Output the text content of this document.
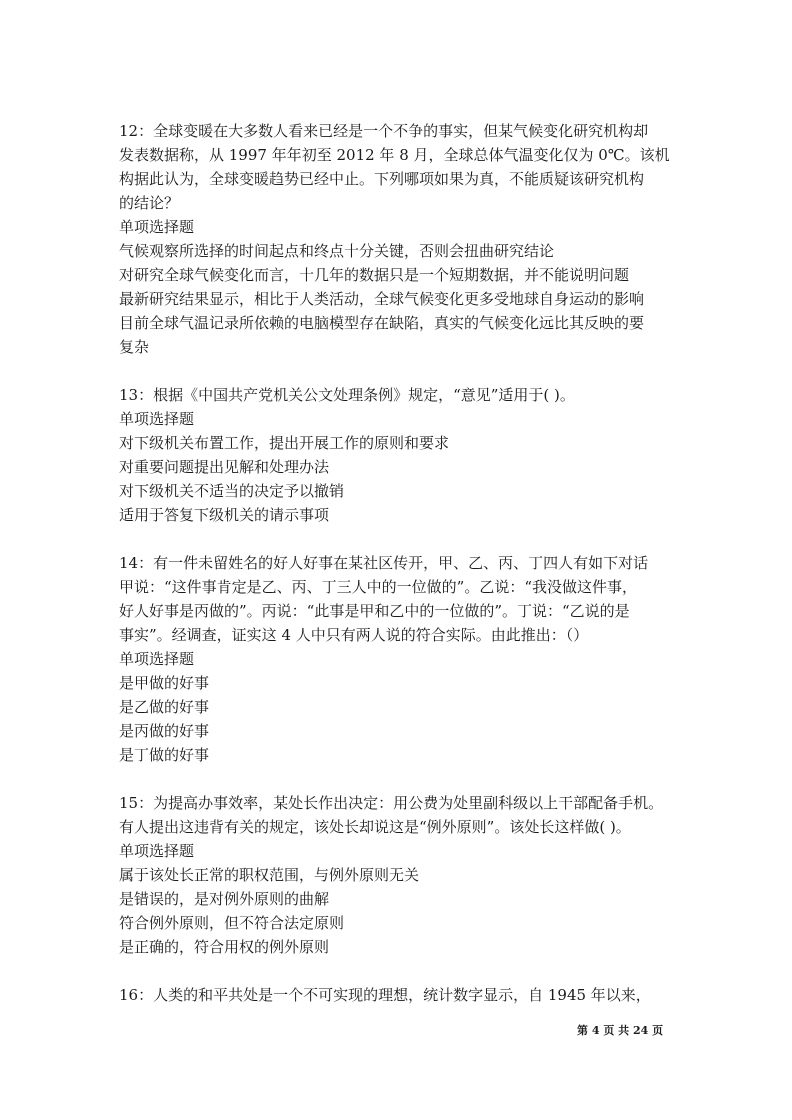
12：全球变暖在大多数人看来已经是一个不争的事实，但某气候变化研究机构却
发表数据称，从 1997 年年初至 2012 年 8 月，全球总体气温变化仅为 0℃。该机
构据此认为，全球变暖趋势已经中止。下列哪项如果为真，不能质疑该研究机构
的结论？
单项选择题
气候观察所选择的时间起点和终点十分关键，否则会扭曲研究结论
对研究全球气候变化而言，十几年的数据只是一个短期数据，并不能说明问题
最新研究结果显示，相比于人类活动，全球气候变化更多受地球自身运动的影响
目前全球气温记录所依赖的电脑模型存在缺陷，真实的气候变化远比其反映的要
复杂
13：根据《中国共产党机关公文处理条例》规定，“意见”适用于( )。
单项选择题
对下级机关布置工作，提出开展工作的原则和要求
对重要问题提出见解和处理办法
对下级机关不适当的决定予以撤销
适用于答复下级机关的请示事项
14：有一件未留姓名的好人好事在某社区传开，甲、乙、丙、丁四人有如下对话
甲说：“这件事肯定是乙、丙、丁三人中的一位做的”。乙说：“我没做这件事，
好人好事是丙做的”。丙说：“此事是甲和乙中的一位做的”。丁说：“乙说的是
事实”。经调查，证实这 4 人中只有两人说的符合实际。由此推出：（）
单项选择题
是甲做的好事
是乙做的好事
是丙做的好事
是丁做的好事
15：为提高办事效率，某处长作出决定：用公费为处里副科级以上干部配备手机。
有人提出这违背有关的规定，该处长却说这是“例外原则”。该处长这样做( )。
单项选择题
属于该处长正常的职权范围，与例外原则无关
是错误的，是对例外原则的曲解
符合例外原则，但不符合法定原则
是正确的，符合用权的例外原则
16：人类的和平共处是一个不可实现的理想，统计数字显示，自 1945 年以来，
第 4 页 共 24 页
